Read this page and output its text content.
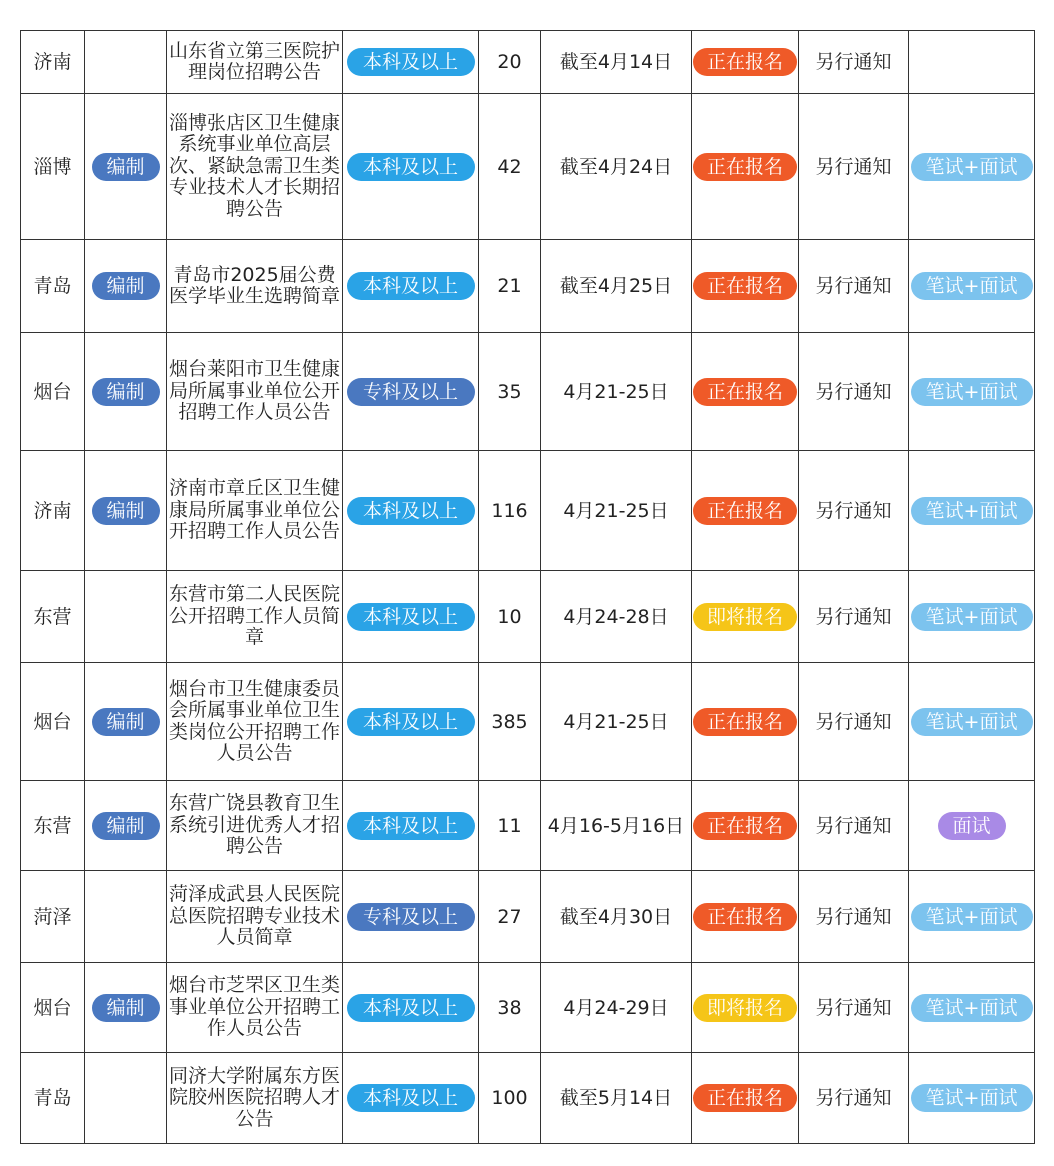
济南		山东省立第三医院护理岗位招聘公告	本科及以上	20	截至4月14日	正在报名	另行通知	
淄博	编制	淄博张店区卫生健康系统事业单位高层次、紧缺急需卫生类专业技术人才长期招聘公告	本科及以上	42	截至4月24日	正在报名	另行通知	笔试+面试
青岛	编制	青岛市2025届公费医学毕业生选聘简章	本科及以上	21	截至4月25日	正在报名	另行通知	笔试+面试
烟台	编制	烟台莱阳市卫生健康局所属事业单位公开招聘工作人员公告	专科及以上	35	4月21-25日	正在报名	另行通知	笔试+面试
济南	编制	济南市章丘区卫生健康局所属事业单位公开招聘工作人员公告	本科及以上	116	4月21-25日	正在报名	另行通知	笔试+面试
东营		东营市第二人民医院公开招聘工作人员简章	本科及以上	10	4月24-28日	即将报名	另行通知	笔试+面试
烟台	编制	烟台市卫生健康委员会所属事业单位卫生类岗位公开招聘工作人员公告	本科及以上	385	4月21-25日	正在报名	另行通知	笔试+面试
东营	编制	东营广饶县教育卫生系统引进优秀人才招聘公告	本科及以上	11	4月16-5月16日	正在报名	另行通知	面试
菏泽		菏泽成武县人民医院总医院招聘专业技术人员简章	专科及以上	27	截至4月30日	正在报名	另行通知	笔试+面试
烟台	编制	烟台市芝罘区卫生类事业单位公开招聘工作人员公告	本科及以上	38	4月24-29日	即将报名	另行通知	笔试+面试
青岛		同济大学附属东方医院胶州医院招聘人才公告	本科及以上	100	截至5月14日	正在报名	另行通知	笔试+面试
